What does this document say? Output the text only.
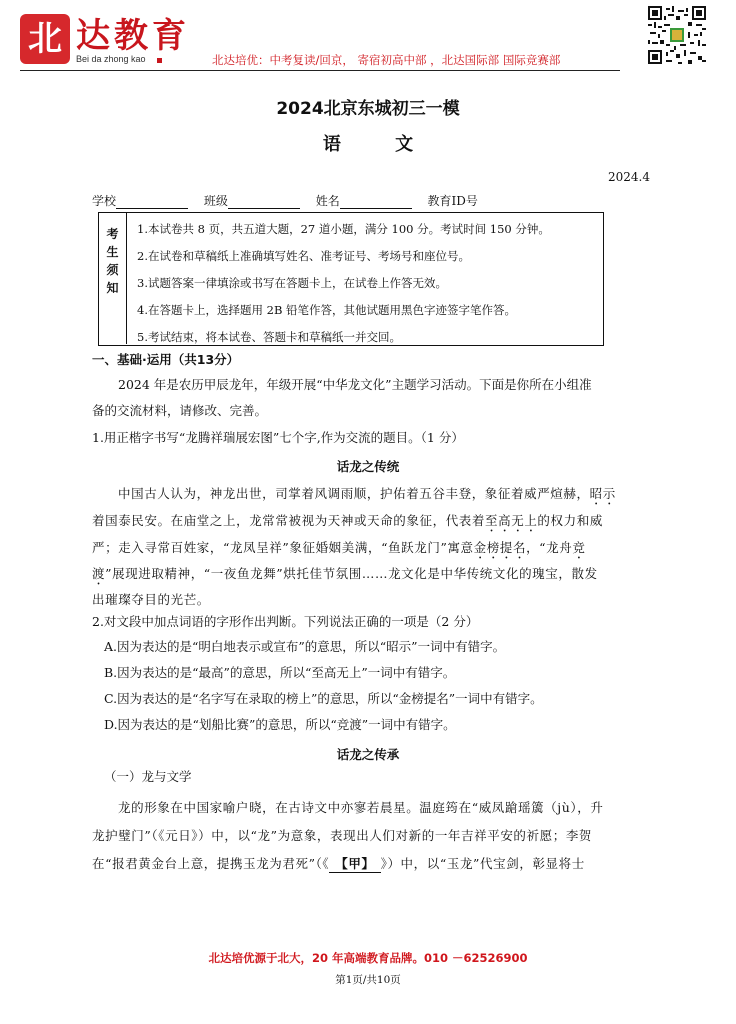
北 达教育
Bei da zhong kao	北达培优：中考复读/回京， 寄宿初高中部 ，北达国际部 国际竞赛部
2024北京东城初三一模
语 文
2024.4
学校	班级	姓名	教育ID号
考
生
须
知
1.本试卷共 8 页，共五道大题，27 道小题，满分 100 分。考试时间 150 分钟。
2.在试卷和草稿纸上准确填写姓名、准考证号、考场号和座位号。
3.试题答案一律填涂或书写在答题卡上，在试卷上作答无效。
4.在答题卡上，选择题用 2B 铅笔作答，其他试题用黑色字迹签字笔作答。
5.考试结束，将本试卷、答题卡和草稿纸一并交回。
一、基础·运用（共13分）
2024 年是农历甲辰龙年，年级开展“中华龙文化”主题学习活动。下面是你所在小组准
备的交流材料，请修改、完善。
1.用正楷字书写“龙腾祥瑞展宏图”七个字,作为交流的题目。（1 分）
话龙之传统
中国古人认为，神龙出世，司掌着风调雨顺，护佑着五谷丰登，象征着威严煊赫，昭示
着国泰民安。在庙堂之上，龙常常被视为天神或天命的象征，代表着至高无上的权力和威
严；走入寻常百姓家，“龙凤呈祥”象征婚姻美满，“鱼跃龙门”寓意金榜提名，“龙舟竞
渡”展现进取精神，“一夜鱼龙舞”烘托佳节氛围……龙文化是中华传统文化的瑰宝，散发
出璀璨夺目的光芒。
2.对文段中加点词语的字形作出判断。下列说法正确的一项是（2 分）
A.因为表达的是“明白地表示或宣布”的意思，所以“昭示”一词中有错字。
B.因为表达的是“最高”的意思，所以“至高无上”一词中有错字。
C.因为表达的是“名字写在录取的榜上”的意思，所以“金榜提名”一词中有错字。
D.因为表达的是“划船比赛”的意思，所以“竞渡”一词中有错字。
话龙之传承
（一）龙与文学
龙的形象在中国家喻户晓，在古诗文中亦寥若晨星。温庭筠在“威凤蹌瑶簴（jù），升
龙护璧门”（《元日》）中，以“龙”为意象，表现出人们对新的一年吉祥平安的祈愿；李贺
在“报君黄金台上意，提携玉龙为君死”（《 【甲】 》）中，以“玉龙”代宝剑，彰显将士
北达培优源于北大，20 年高端教育品牌。010 －62526900
第1页/共10页
